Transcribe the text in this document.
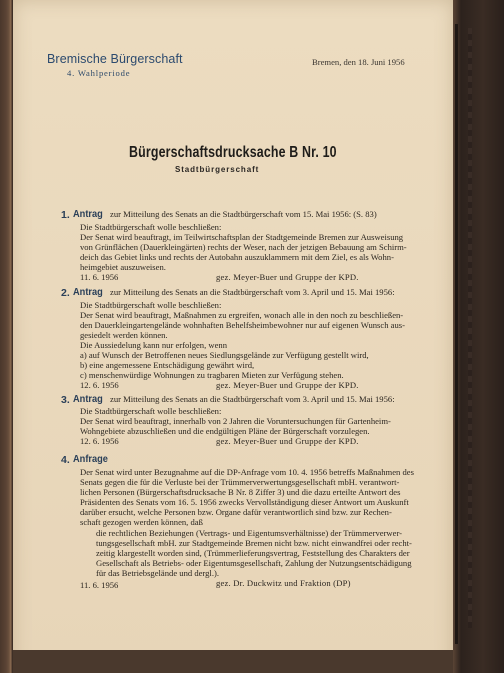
Bremische Bürgerschaft
4. Wahlperiode
Bremen, den 18. Juni 1956
Bürgerschaftsdrucksache B Nr. 10
Stadtbürgerschaft
1. Antrag zur Mitteilung des Senats an die Stadtbürgerschaft vom 15. Mai 1956: (S. 83)
Die Stadtbürgerschaft wolle beschließen:
Der Senat wird beauftragt, im Teilwirtschaftsplan der Stadtgemeinde Bremen zur Ausweisung
von Grünflächen (Dauerkleingärten) rechts der Weser, nach der jetzigen Bebauung am Schirm-
deich das Gebiet links und rechts der Autobahn auszuklammern mit dem Ziel, es als Wohn-
heimgebiet auszuweisen.
11. 6. 1956	gez. Meyer-Buer und Gruppe der KPD.
2. Antrag zur Mitteilung des Senats an die Stadtbürgerschaft vom 3. April und 15. Mai 1956:
Die Stadtbürgerschaft wolle beschließen:
Der Senat wird beauftragt, Maßnahmen zu ergreifen, wonach alle in den noch zu beschließen-
den Dauerkleingartengelände wohnhaften Behelfsheimbewohner nur auf eigenen Wunsch aus-
gesiedelt werden können.
Die Aussiedelung kann nur erfolgen, wenn
a) auf Wunsch der Betroffenen neues Siedlungsgelände zur Verfügung gestellt wird,
b) eine angemessene Entschädigung gewährt wird,
c) menschenwürdige Wohnungen zu tragbaren Mieten zur Verfügung stehen.
12. 6. 1956	gez. Meyer-Buer und Gruppe der KPD.
3. Antrag zur Mitteilung des Senats an die Stadtbürgerschaft vom 3. April und 15. Mai 1956:
Die Stadtbürgerschaft wolle beschließen:
Der Senat wird beauftragt, innerhalb von 2 Jahren die Voruntersuchungen für Gartenheim-
Wohngebiete abzuschließen und die endgültigen Pläne der Bürgerschaft vorzulegen.
12. 6. 1956	gez. Meyer-Buer und Gruppe der KPD.
4. Anfrage
Der Senat wird unter Bezugnahme auf die DP-Anfrage vom 10. 4. 1956 betreffs Maßnahmen des
Senats gegen die für die Verluste bei der Trümmerverwertungsgesellschaft mbH. verantwort-
lichen Personen (Bürgerschaftsdrucksache B Nr. 8 Ziffer 3) und die dazu erteilte Antwort des
Präsidenten des Senats vom 16. 5. 1956 zwecks Vervollständigung dieser Antwort um Auskunft
darüber ersucht, welche Personen bzw. Organe dafür verantwortlich sind bzw. zur Rechen-
schaft gezogen werden können, daß
die rechtlichen Beziehungen (Vertrags- und Eigentumsverhältnisse) der Trümmerverwer-
tungsgesellschaft mbH. zur Stadtgemeinde Bremen nicht bzw. nicht einwandfrei oder recht-
zeitig klargestellt worden sind, (Trümmerlieferungsvertrag, Feststellung des Charakters der
Gesellschaft als Betriebs- oder Eigentumsgesellschaft, Zahlung der Nutzungsentschädigung
für das Betriebsgelände und dergl.).
11. 6. 1956	gez. Dr. Duckwitz und Fraktion (DP)
